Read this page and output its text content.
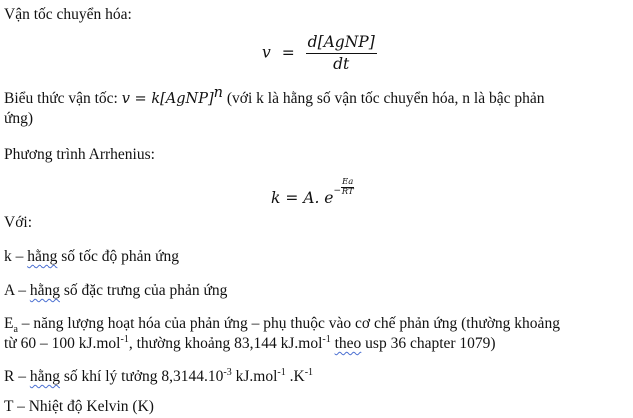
Vận tốc chuyển hóa:
$v = \frac{\text{d[AgNP]}}{dt}$
Biểu thức vận tốc: v = k[AgNP]$^n$ (với k là hằng số vận tốc chuyển hóa, n là bậc phản
ứng)
Phương trình Arrhenius:
k = A. $e^- \frac{Ea}{RT}$
Với:
k – hằng số tốc độ phản ứng
A – hằng số đặc trưng của phản ứng
$E_a$ – năng lượng hoạt hóa của phản ứng – phụ thuộc vào cơ chế phản ứng (thường khoảng
từ 60 – 100 kJ.mol$^{-1}$, thường khoảng 83,144 kJ.mol$^{-1}$ theo usp 36 chapter 1079)
R – hằng số khí lý tưởng $8,3144.10^{-3}$ kJ.mol$^{-1}$ $.K^{-1}$
T – Nhiệt độ Kelvin (K)
